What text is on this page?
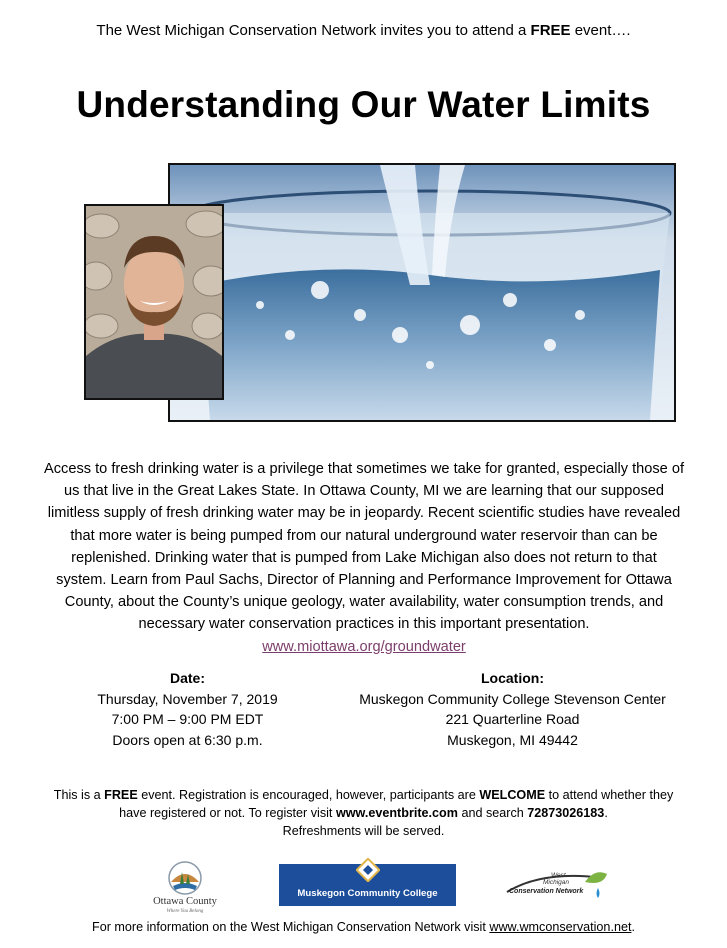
The West Michigan Conservation Network invites you to attend a FREE event….
Understanding Our Water Limits
Access to fresh drinking water is a privilege that sometimes we take for granted, especially those of us that live in the Great Lakes State. In Ottawa County, MI we are learning that our supposed limitless supply of fresh drinking water may be in jeopardy. Recent scientific studies have revealed that more water is being pumped from our natural underground water reservoir than can be replenished. Drinking water that is pumped from Lake Michigan also does not return to that system. Learn from Paul Sachs, Director of Planning and Performance Improvement for Ottawa County, about the County’s unique geology, water availability, water consumption trends, and necessary water conservation practices in this important presentation. www.miottawa.org/groundwater
Date:
Thursday, November 7, 2019
7:00 PM – 9:00 PM EDT
Doors open at 6:30 p.m.
Location:
Muskegon Community College Stevenson Center
221 Quarterline Road
Muskegon, MI 49442
This is a FREE event. Registration is encouraged, however, participants are WELCOME to attend whether they have registered or not. To register visit www.eventbrite.com and search 72873026183.
Refreshments will be served.
Ottawa County
Where You Belong
Muskegon Community College
West
Michigan
Conservation Network
For more information on the West Michigan Conservation Network visit www.wmconservation.net.
